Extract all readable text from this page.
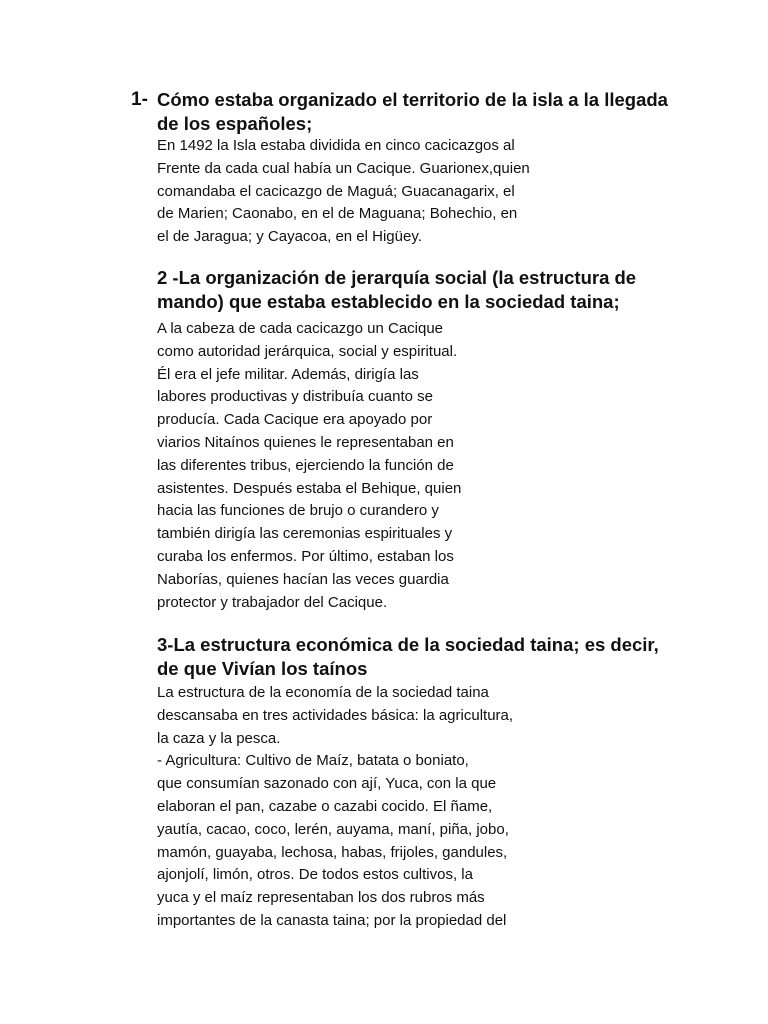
1- Cómo estaba organizado el territorio de la isla a la llegada
de los españoles;
En 1492 la Isla estaba dividida en cinco cacicazgos al
Frente da cada cual había un Cacique. Guarionex,quien
comandaba el cacicazgo de Maguá; Guacanagarix, el
de Marien; Caonabo, en el de Maguana; Bohechio, en
el de Jaragua; y Cayacoa, en el Higüey.
2 -La organización de jerarquía social (la estructura de
mando) que estaba establecido en la sociedad taina;
A la cabeza de cada cacicazgo un Cacique
como autoridad jerárquica, social y espiritual.
Él era el jefe militar. Además, dirigía las
labores productivas y distribuía cuanto se
producía. Cada Cacique era apoyado por
viarios Nitaínos quienes le representaban en
las diferentes tribus, ejerciendo la función de
asistentes. Después estaba el Behique, quien
hacia las funciones de brujo o curandero y
también dirigía las ceremonias espirituales y
curaba los enfermos. Por último, estaban los
Naborías, quienes hacían las veces guardia
protector y trabajador del Cacique.
3-La estructura económica de la sociedad taina; es decir,
de que Vivían los taínos
La estructura de la economía de la sociedad taina
descansaba en tres actividades básica: la agricultura,
la caza y la pesca.
- Agricultura: Cultivo de Maíz, batata o boniato,
que consumían sazonado con ají, Yuca, con la que
elaboran el pan, cazabe o cazabi cocido. El ñame,
yautía, cacao, coco, lerén, auyama, maní, piña, jobo,
mamón, guayaba, lechosa, habas, frijoles, gandules,
ajonjolí, limón, otros. De todos estos cultivos, la
yuca y el maíz representaban los dos rubros más
importantes de la canasta taina; por la propiedad del
